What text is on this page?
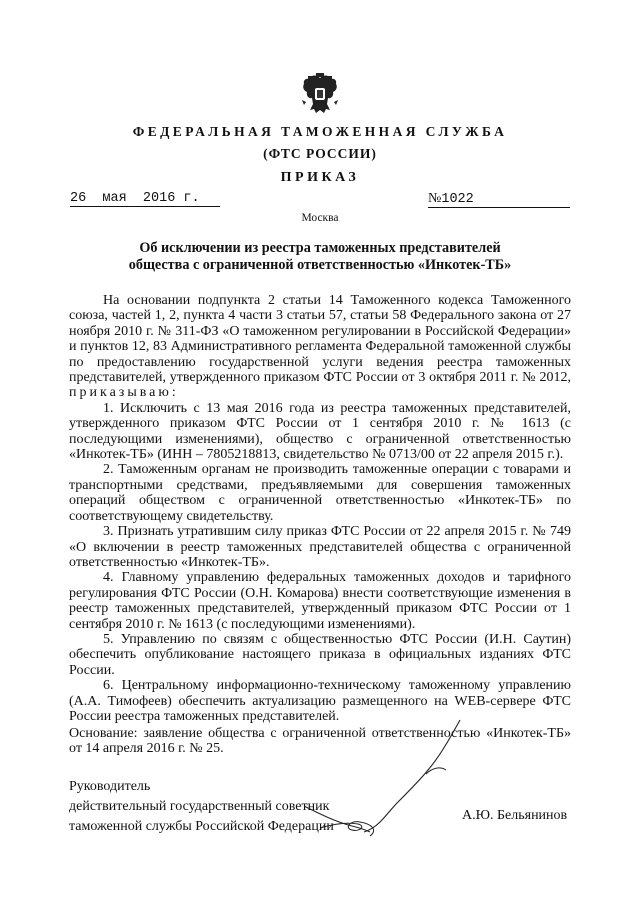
ФЕДЕРАЛЬНАЯ ТАМОЖЕННАЯ СЛУЖБА
(ФТС РОССИИ)
ПРИКАЗ
26  мая  2016 г.	№1022
Москва
Об исключении из реестра таможенных представителей
общества с ограниченной ответственностью «Инкотек-ТБ»

На основании подпункта 2 статьи 14 Таможенного кодекса Таможенного союза, частей 1, 2, пункта 4 части 3 статьи 57, статьи 58 Федерального закона от 27 ноября 2010 г. № 311-ФЗ «О таможенном регулировании в Российской Федерации» и пунктов 12, 83 Административного регламента Федеральной таможенной службы по предоставлению государственной услуги ведения реестра таможенных представителей, утвержденного приказом ФТС России от 3 октября 2011 г. № 2012, приказываю:

1. Исключить с 13 мая 2016 года из реестра таможенных представителей, утвержденного приказом ФТС России от 1 сентября 2010 г. № 1613 (с последующими изменениями), общество с ограниченной ответственностью «Инкотек-ТБ» (ИНН – 7805218813, свидетельство № 0713/00 от 22 апреля 2015 г.).

2. Таможенным органам не производить таможенные операции с товарами и транспортными средствами, предъявляемыми для совершения таможенных операций обществом с ограниченной ответственностью «Инкотек-ТБ» по соответствующему свидетельству.

3. Признать утратившим силу приказ ФТС России от 22 апреля 2015 г. № 749 «О включении в реестр таможенных представителей общества с ограниченной ответственностью «Инкотек-ТБ».

4. Главному управлению федеральных таможенных доходов и тарифного регулирования ФТС России (О.Н. Комарова) внести соответствующие изменения в реестр таможенных представителей, утвержденный приказом ФТС России от 1 сентября 2010 г. № 1613 (с последующими изменениями).

5. Управлению по связям с общественностью ФТС России (И.Н. Саутин) обеспечить опубликование настоящего приказа в официальных изданиях ФТС России.

6. Центральному информационно-техническому таможенному управлению (А.А. Тимофеев) обеспечить актуализацию размещенного на WEB-сервере ФТС России реестра таможенных представителей.

Основание: заявление общества с ограниченной ответственностью «Инкотек-ТБ» от 14 апреля 2016 г. № 25.
Руководитель
действительный государственный советник
таможенной службы Российской Федерации
А.Ю. Бельянинов
